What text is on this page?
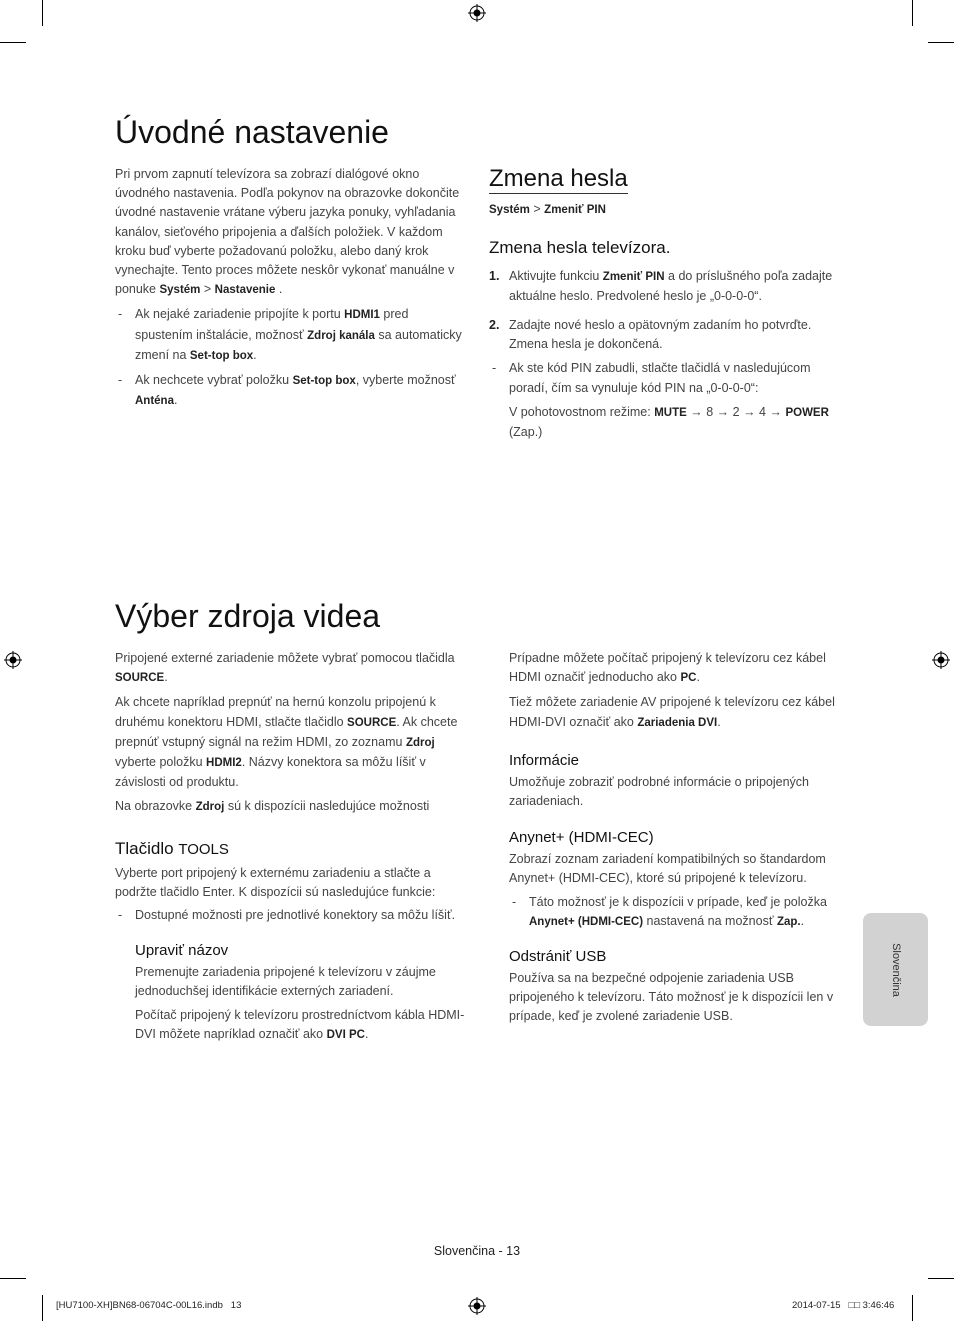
Úvodné nastavenie

Pri prvom zapnutí televízora sa zobrazí dialógové okno úvodného nastavenia. Podľa pokynov na obrazovke dokončite úvodné nastavenie vrátane výberu jazyka ponuky, vyhľadania kanálov, sieťového pripojenia a ďalších položiek. V každom kroku buď vyberte požadovanú položku, alebo daný krok vynechajte. Tento proces môžete neskôr vykonať manuálne v ponuke Systém > Nastavenie .

- Ak nejaké zariadenie pripojíte k portu HDMI1 pred spustením inštalácie, možnosť Zdroj kanála sa automaticky zmení na Set-top box.
- Ak nechcete vybrať položku Set-top box, vyberte možnosť Anténa.
Zmena hesla

Systém > Zmeniť PIN

Zmena hesla televízora.
1. Aktivujte funkciu Zmeniť PIN a do príslušného poľa zadajte aktuálne heslo. Predvolené heslo je „0-0-0-0“.
2. Zadajte nové heslo a opätovným zadaním ho potvrďte. Zmena hesla je dokončená.
- Ak ste kód PIN zabudli, stlačte tlačidlá v nasledujúcom poradí, čím sa vynuluje kód PIN na „0-0-0-0“:
V pohotovostnom režime: MUTE → 8 → 2 → 4 → POWER (Zap.)
Výber zdroja videa

Pripojené externé zariadenie môžete vybrať pomocou tlačidla SOURCE.

Ak chcete napríklad prepnúť na hernú konzolu pripojenú k druhému konektoru HDMI, stlačte tlačidlo SOURCE. Ak chcete prepnúť vstupný signál na režim HDMI, zo zoznamu Zdroj vyberte položku HDMI2. Názvy konektora sa môžu líšiť v závislosti od produktu.

Na obrazovke Zdroj sú k dispozícii nasledujúce možnosti

Tlačidlo TOOLS

Vyberte port pripojený k externému zariadeniu a stlačte a podržte tlačidlo Enter. K dispozícii sú nasledujúce funkcie:

- Dostupné možnosti pre jednotlivé konektory sa môžu líšiť.
Upraviť názov

Premenujte zariadenia pripojené k televízoru v záujme jednoduchšej identifikácie externých zariadení.

Počítač pripojený k televízoru prostredníctvom kábla HDMI-DVI môžete napríklad označiť ako DVI PC.

Prípadne môžete počítač pripojený k televízoru cez kábel HDMI označiť jednoducho ako PC.

Tiež môžete zariadenie AV pripojené k televízoru cez kábel HDMI-DVI označiť ako Zariadenia DVI.

Informácie

Umožňuje zobraziť podrobné informácie o pripojených zariadeniach.

Anynet+ (HDMI-CEC)

Zobrazí zoznam zariadení kompatibilných so štandardom Anynet+ (HDMI-CEC), ktoré sú pripojené k televízoru.

- Táto možnosť je k dispozícii v prípade, keď je položka Anynet+ (HDMI-CEC) nastavená na možnosť Zap..
Odstrániť USB

Používa sa na bezpečné odpojenie zariadenia USB pripojeného k televízoru. Táto možnosť je k dispozícii len v prípade, keď je zvolené zariadenie USB.

Slovenčina
Slovenčina - 13
[HU7100-XH]BN68-06704C-00L16.indb   13	2014-07-15   □□ 3:46:46
